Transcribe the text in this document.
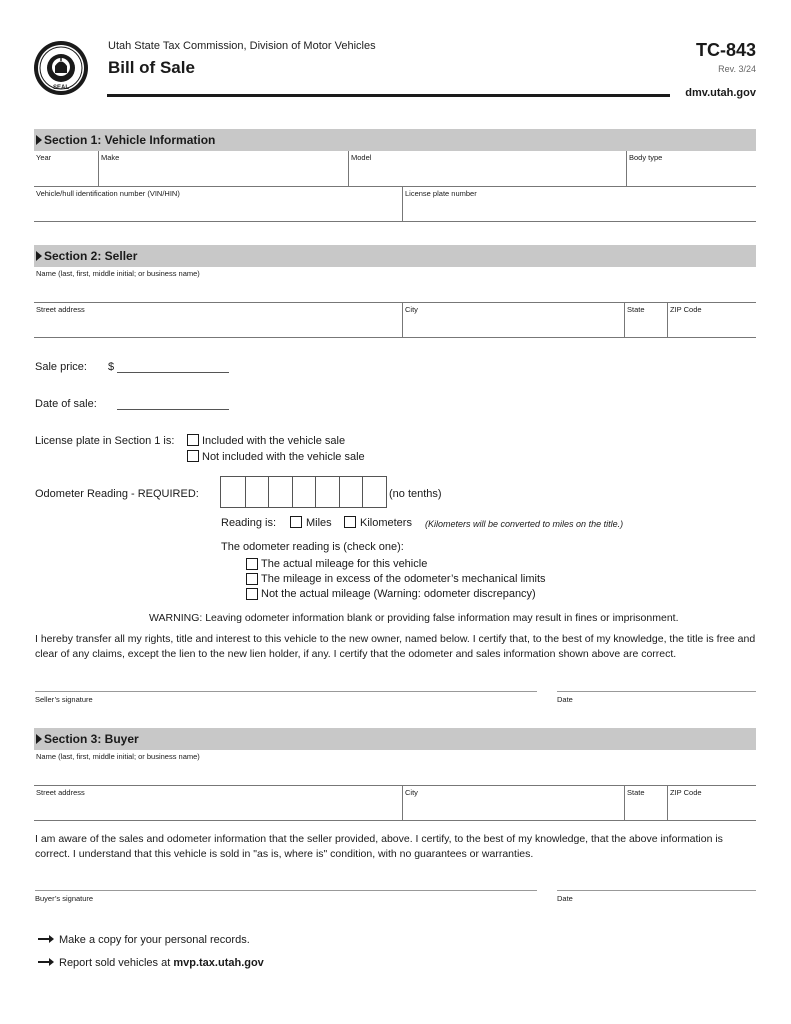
SEAL
Utah State Tax Commission, Division of Motor Vehicles
Bill of Sale
TC-843
Rev. 3/24
dmv.utah.gov
Section 1: Vehicle Information
Year	Make	Model	Body type
Vehicle/hull identification number (VIN/HIN)	License plate number
Section 2: Seller
Name (last, first, middle initial; or business name)
Street address	City	State	ZIP Code
Sale price: $
Date of sale:
License plate in Section 1 is:	Included with the vehicle sale
Not included with the vehicle sale
Odometer Reading - REQUIRED:	(no tenths)
Reading is:	Miles	Kilometers (Kilometers will be converted to miles on the title.)
The odometer reading is (check one):
The actual mileage for this vehicle
The mileage in excess of the odometer’s mechanical limits
Not the actual mileage (Warning: odometer discrepancy)
WARNING: Leaving odometer information blank or providing false information may result in fines or imprisonment.
I hereby transfer all my rights, title and interest to this vehicle to the new owner, named below. I certify that, to the best of my knowledge, the title is free and clear of any claims, except the lien to the new lien holder, if any. I certify that the odometer and sales information shown above are correct.
Seller’s signature	Date
Section 3: Buyer
Name (last, first, middle initial; or business name)
Street address	City	State	ZIP Code
I am aware of the sales and odometer information that the seller provided, above. I certify, to the best of my knowledge, that the above information is correct. I understand that this vehicle is sold in "as is, where is" condition, with no guarantees or warranties.
Buyer’s signature	Date
Make a copy for your personal records.
Report sold vehicles at mvp.tax.utah.gov
